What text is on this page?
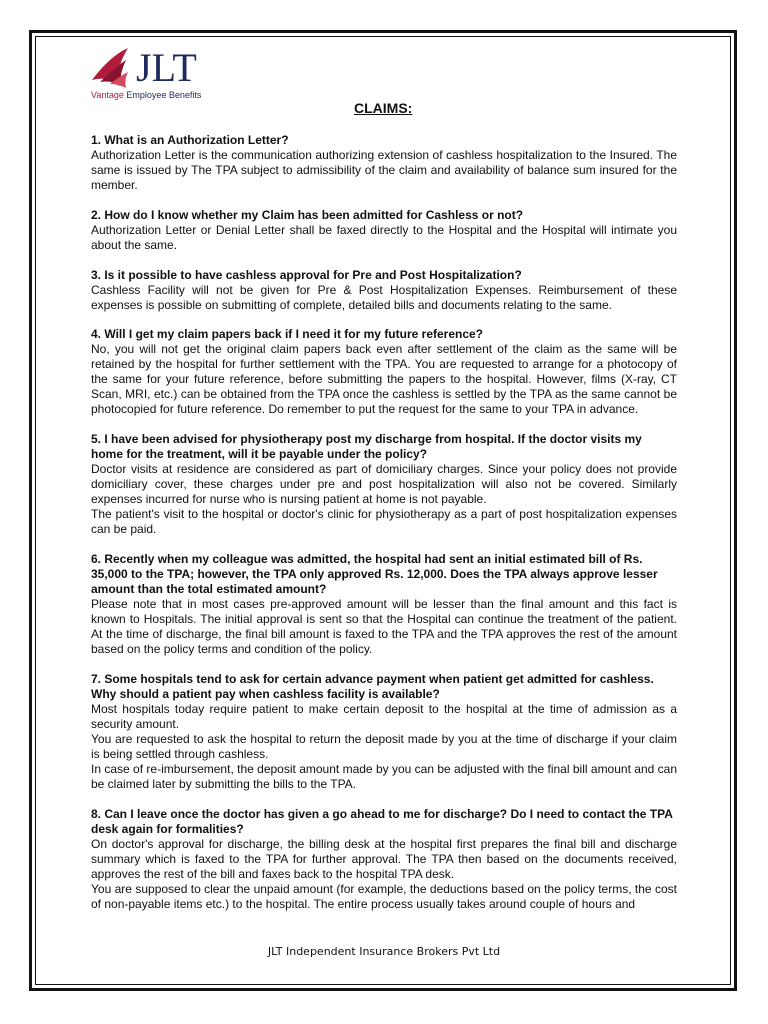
JLT
Vantage Employee Benefits
CLAIMS:

1. What is an Authorization Letter?

Authorization Letter is the communication authorizing extension of cashless hospitalization to the Insured. The same is issued by The TPA subject to admissibility of the claim and availability of balance sum insured for the member.

2. How do I know whether my Claim has been admitted for Cashless or not?

Authorization Letter or Denial Letter shall be faxed directly to the Hospital and the Hospital will intimate you about the same.

3. Is it possible to have cashless approval for Pre and Post Hospitalization?

Cashless Facility will not be given for Pre & Post Hospitalization Expenses. Reimbursement of these expenses is possible on submitting of complete, detailed bills and documents relating to the same.

4. Will I get my claim papers back if I need it for my future reference?

No, you will not get the original claim papers back even after settlement of the claim as the same will be retained by the hospital for further settlement with the TPA. You are requested to arrange for a photocopy of the same for your future reference, before submitting the papers to the hospital. However, films (X-ray, CT Scan, MRI, etc.) can be obtained from the TPA once the cashless is settled by the TPA as the same cannot be photocopied for future reference. Do remember to put the request for the same to your TPA in advance.

5. I have been advised for physiotherapy post my discharge from hospital. If the doctor visits my home for the treatment, will it be payable under the policy?

Doctor visits at residence are considered as part of domiciliary charges. Since your policy does not provide domiciliary cover, these charges under pre and post hospitalization will also not be covered. Similarly expenses incurred for nurse who is nursing patient at home is not payable.

The patient's visit to the hospital or doctor's clinic for physiotherapy as a part of post hospitalization expenses can be paid.

6. Recently when my colleague was admitted, the hospital had sent an initial estimated bill of Rs. 35,000 to the TPA; however, the TPA only approved Rs. 12,000. Does the TPA always approve lesser amount than the total estimated amount?

Please note that in most cases pre-approved amount will be lesser than the final amount and this fact is known to Hospitals. The initial approval is sent so that the Hospital can continue the treatment of the patient. At the time of discharge, the final bill amount is faxed to the TPA and the TPA approves the rest of the amount based on the policy terms and condition of the policy.

7. Some hospitals tend to ask for certain advance payment when patient get admitted for cashless. Why should a patient pay when cashless facility is available?

Most hospitals today require patient to make certain deposit to the hospital at the time of admission as a security amount.

You are requested to ask the hospital to return the deposit made by you at the time of discharge if your claim is being settled through cashless.

In case of re-imbursement, the deposit amount made by you can be adjusted with the final bill amount and can be claimed later by submitting the bills to the TPA.

8. Can I leave once the doctor has given a go ahead to me for discharge? Do I need to contact the TPA desk again for formalities?

On doctor's approval for discharge, the billing desk at the hospital first prepares the final bill and discharge summary which is faxed to the TPA for further approval. The TPA then based on the documents received, approves the rest of the bill and faxes back to the hospital TPA desk.

You are supposed to clear the unpaid amount (for example, the deductions based on the policy terms, the cost of non-payable items etc.) to the hospital. The entire process usually takes around couple of hours and

JLT Independent Insurance Brokers Pvt Ltd
